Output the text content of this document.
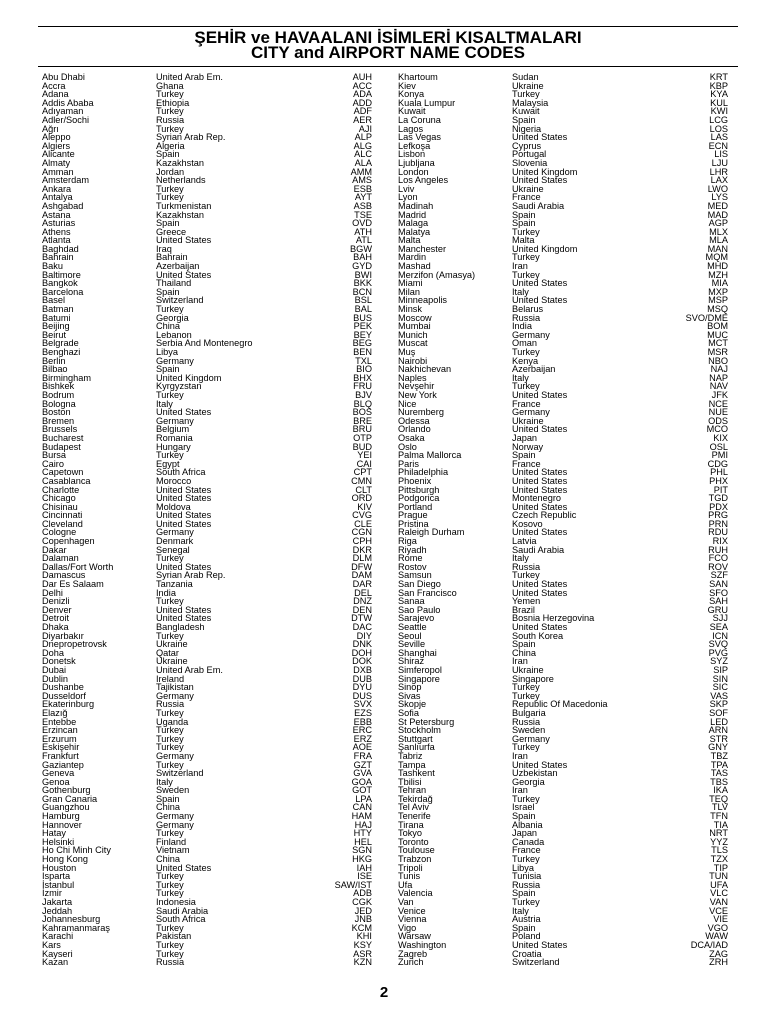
ŞEHİR ve HAVAALANI İSİMLERİ KISALTMALARI
CITY and AIRPORT NAME CODES
Abu Dhabi	United Arab Em.	AUH
Accra	Ghana	ACC
Adana	Turkey	ADA
Addis Ababa	Ethiopia	ADD
Adıyaman	Turkey	ADF
Adler/Sochi	Russia	AER
Ağrı	Turkey	AJI
Aleppo	Syrian Arab Rep.	ALP
Algiers	Algeria	ALG
Alicante	Spain	ALC
Almaty	Kazakhstan	ALA
Amman	Jordan	AMM
Amsterdam	Netherlands	AMS
Ankara	Turkey	ESB
Antalya	Turkey	AYT
Ashgabad	Turkmenistan	ASB
Astana	Kazakhstan	TSE
Asturias	Spain	OVD
Athens	Greece	ATH
Atlanta	United States	ATL
Baghdad	Iraq	BGW
Bahrain	Bahrain	BAH
Baku	Azerbaijan	GYD
Baltimore	United States	BWI
Bangkok	Thailand	BKK
Barcelona	Spain	BCN
Basel	Switzerland	BSL
Batman	Turkey	BAL
Batumi	Georgia	BUS
Beijing	China	PEK
Beirut	Lebanon	BEY
Belgrade	Serbia And Montenegro	BEG
Benghazi	Libya	BEN
Berlin	Germany	TXL
Bilbao	Spain	BIO
Birmingham	United Kingdom	BHX
Bishkek	Kyrgyzstan	FRU
Bodrum	Turkey	BJV
Bologna	Italy	BLQ
Boston	United States	BOS
Bremen	Germany	BRE
Brussels	Belgium	BRU
Bucharest	Romania	OTP
Budapest	Hungary	BUD
Bursa	Turkey	YEI
Cairo	Egypt	CAI
Capetown	South Africa	CPT
Casablanca	Morocco	CMN
Charlotte	United States	CLT
Chicago	United States	ORD
Chisinau	Moldova	KIV
Cincinnati	United States	CVG
Cleveland	United States	CLE
Cologne	Germany	CGN
Copenhagen	Denmark	CPH
Dakar	Senegal	DKR
Dalaman	Turkey	DLM
Dallas/Fort Worth	United States	DFW
Damascus	Syrian Arab Rep.	DAM
Dar Es Salaam	Tanzania	DAR
Delhi	India	DEL
Denizli	Turkey	DNZ
Denver	United States	DEN
Detroit	United States	DTW
Dhaka	Bangladesh	DAC
Diyarbakır	Turkey	DIY
Dnepropetrovsk	Ukraine	DNK
Doha	Qatar	DOH
Donetsk	Ukraine	DOK
Dubai	United Arab Em.	DXB
Dublin	Ireland	DUB
Dushanbe	Tajikistan	DYU
Dusseldorf	Germany	DUS
Ekaterinburg	Russia	SVX
Elazığ	Turkey	EZS
Entebbe	Uganda	EBB
Erzincan	Turkey	ERC
Erzurum	Turkey	ERZ
Eskişehir	Turkey	AOE
Frankfurt	Germany	FRA
Gaziantep	Turkey	GZT
Geneva	Switzerland	GVA
Genoa	Italy	GOA
Gothenburg	Sweden	GOT
Gran Canaria	Spain	LPA
Guangzhou	China	CAN
Hamburg	Germany	HAM
Hannover	Germany	HAJ
Hatay	Turkey	HTY
Helsinki	Finland	HEL
Ho Chi Minh City	Vietnam	SGN
Hong Kong	China	HKG
Houston	United States	IAH
Isparta	Turkey	ISE
İstanbul	Turkey	SAW/IST
İzmir	Turkey	ADB
Jakarta	Indonesia	CGK
Jeddah	Saudi Arabia	JED
Johannesburg	South Africa	JNB
Kahramanmaraş	Turkey	KCM
Karachi	Pakistan	KHI
Kars	Turkey	KSY
Kayseri	Turkey	ASR
Kazan	Russia	KZN
Khartoum	Sudan	KRT
Kiev	Ukraine	KBP
Konya	Turkey	KYA
Kuala Lumpur	Malaysia	KUL
Kuwait	Kuwait	KWI
La Coruna	Spain	LCG
Lagos	Nigeria	LOS
Las Vegas	United States	LAS
Lefkoşa	Cyprus	ECN
Lisbon	Portugal	LIS
Ljubljana	Slovenia	LJU
London	United Kingdom	LHR
Los Angeles	United States	LAX
Lviv	Ukraine	LWO
Lyon	France	LYS
Madinah	Saudi Arabia	MED
Madrid	Spain	MAD
Malaga	Spain	AGP
Malatya	Turkey	MLX
Malta	Malta	MLA
Manchester	United Kingdom	MAN
Mardin	Turkey	MQM
Mashad	Iran	MHD
Merzifon (Amasya)	Turkey	MZH
Miami	United States	MIA
Milan	Italy	MXP
Minneapolis	United States	MSP
Minsk	Belarus	MSQ
Moscow	Russia	SVO/DME
Mumbai	India	BOM
Munich	Germany	MUC
Muscat	Oman	MCT
Muş	Turkey	MSR
Nairobi	Kenya	NBO
Nakhichevan	Azerbaijan	NAJ
Naples	Italy	NAP
Nevşehir	Turkey	NAV
New York	United States	JFK
Nice	France	NCE
Nuremberg	Germany	NUE
Odessa	Ukraine	ODS
Orlando	United States	MCO
Osaka	Japan	KIX
Oslo	Norway	OSL
Palma Mallorca	Spain	PMI
Paris	France	CDG
Philadelphia	United States	PHL
Phoenix	United States	PHX
Pittsburgh	United States	PIT
Podgorica	Montenegro	TGD
Portland	United States	PDX
Prague	Czech Republic	PRG
Pristina	Kosovo	PRN
Raleigh Durham	United States	RDU
Riga	Latvia	RIX
Riyadh	Saudi Arabia	RUH
Rome	Italy	FCO
Rostov	Russia	ROV
Samsun	Turkey	SZF
San Diego	United States	SAN
San Francisco	United States	SFO
Sanaa	Yemen	SAH
Sao Paulo	Brazil	GRU
Sarajevo	Bosnia Herzegovina	SJJ
Seattle	United States	SEA
Seoul	South Korea	ICN
Seville	Spain	SVQ
Shanghai	China	PVG
Shiraz	Iran	SYZ
Simferopol	Ukraine	SIP
Singapore	Singapore	SIN
Sinop	Turkey	SIC
Sivas	Turkey	VAS
Skopje	Republic Of Macedonia	SKP
Sofia	Bulgaria	SOF
St Petersburg	Russia	LED
Stockholm	Sweden	ARN
Stuttgart	Germany	STR
Şanlıurfa	Turkey	GNY
Tabriz	Iran	TBZ
Tampa	United States	TPA
Tashkent	Uzbekistan	TAS
Tbilisi	Georgia	TBS
Tehran	Iran	IKA
Tekirdağ	Turkey	TEQ
Tel Aviv	Israel	TLV
Tenerife	Spain	TFN
Tirana	Albania	TIA
Tokyo	Japan	NRT
Toronto	Canada	YYZ
Toulouse	France	TLS
Trabzon	Turkey	TZX
Tripoli	Libya	TIP
Tunis	Tunisia	TUN
Ufa	Russia	UFA
Valencia	Spain	VLC
Van	Turkey	VAN
Venice	Italy	VCE
Vienna	Austria	VIE
Vigo	Spain	VGO
Warsaw	Poland	WAW
Washington	United States	DCA/IAD
Zagreb	Croatia	ZAG
Zurich	Switzerland	ZRH
2
